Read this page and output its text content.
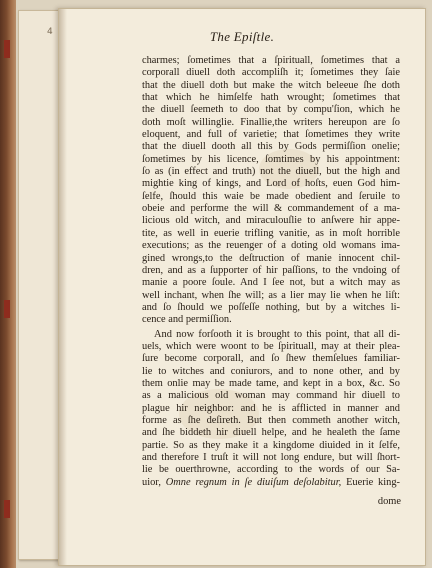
4	The Epiſtle.
charmes; ſometimes that a ſpirituall, ſometimes that a
corporall diuell doth accompliſh it; ſometimes they ſaie
that the diuell doth but make the witch beleeue ſhe doth
that which he himſelfe hath wrought; ſometimes that
the diuell ſeemeth to doo that by compu'ſion, which he
doth moſt willinglie. Finallie,the writers hereupon are ſo
eloquent, and full of varietie; that ſometimes they write
that the diuell dooth all this by Gods permiſſion onelie;
ſometimes by his licence, ſomtimes by his appointment:
ſo as (in effect and truth) not the diuell, but the high and
mightie king of kings, and Lord of hoſts, euen God him-
ſelfe, ſhould this waie be made obedient and ſeruile to
obeie and performe the will & commandement of a ma-
licious old witch, and miraculouſlie to anſwere hir appe-
tite, as well in euerie trifling vanitie, as in moſt horrible
executions; as the reuenger of a doting old womans ima-
gined wrongs,to the deſtruction of manie innocent chil-
dren, and as a ſupporter of hir paſſions, to the vndoing of
manie a poore ſoule. And I ſee not, but a witch may as
well inchant, when ſhe will; as a lier may lie when he liſt:
and ſo ſhould we poſſeſſe nothing, but by a witches li-
cence and permiſſion.
And now forſooth it is brought to this point, that all di-
uels, which were woont to be ſpirituall, may at their plea-
ſure become corporall, and ſo ſhew themſelues familiar-
lie to witches and coniurors, and to none other, and by
them onlie may be made tame, and kept in a box, &c. So
as a malicious old woman may command hir diuell to
plague hir neighbor: and he is afflicted in manner and
forme as ſhe deſireth. But then commeth another witch,
and ſhe biddeth hir diuell helpe, and he healeth the ſame
partie. So as they make it a kingdome diuided in it ſelfe,
and therefore I truſt it will not long endure, but will ſhort-
lie be ouerthrowne, according to the words of our Sa-
uior, Omne regnum in ſe diuiſum deſolabitur, Euerie king-
dome
